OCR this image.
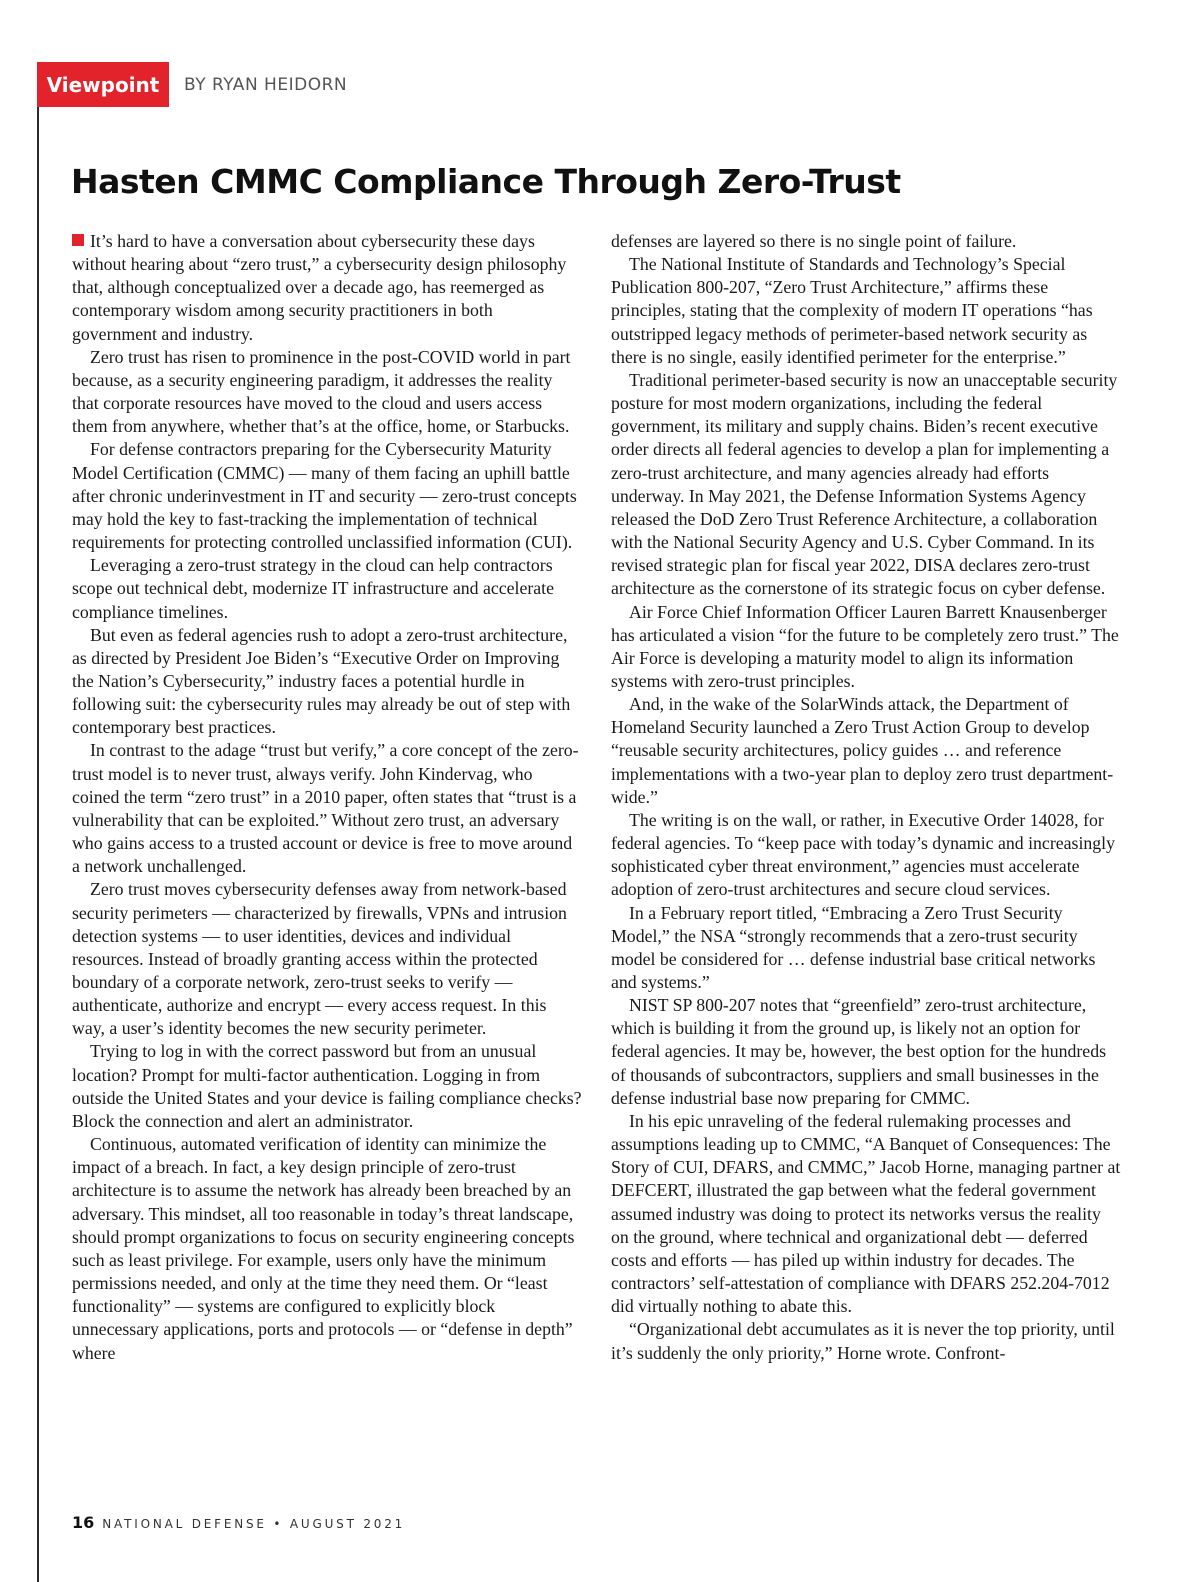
Viewpoint	BY RYAN HEIDORN
Hasten CMMC Compliance Through Zero-Trust

It’s hard to have a conversation about cybersecurity these days without hearing about “zero trust,” a cybersecurity design philosophy that, although conceptualized over a decade ago, has reemerged as contemporary wisdom among security practitioners in both government and industry.

Zero trust has risen to prominence in the post-COVID world in part because, as a security engineering paradigm, it addresses the reality that corporate resources have moved to the cloud and users access them from anywhere, whether that’s at the office, home, or Starbucks.

For defense contractors preparing for the Cybersecurity Maturity Model Certification (CMMC) — many of them facing an uphill battle after chronic underinvestment in IT and security — zero-trust concepts may hold the key to fast-tracking the implementation of technical requirements for protecting controlled unclassified information (CUI).

Leveraging a zero-trust strategy in the cloud can help contractors scope out technical debt, modernize IT infrastructure and accelerate compliance timelines.

But even as federal agencies rush to adopt a zero-trust architecture, as directed by President Joe Biden’s “Executive Order on Improving the Nation’s Cybersecurity,” industry faces a potential hurdle in following suit: the cybersecurity rules may already be out of step with contemporary best practices.

In contrast to the adage “trust but verify,” a core concept of the zero-trust model is to never trust, always verify. John Kindervag, who coined the term “zero trust” in a 2010 paper, often states that “trust is a vulnerability that can be exploited.” Without zero trust, an adversary who gains access to a trusted account or device is free to move around a network unchallenged.

Zero trust moves cybersecurity defenses away from network-based security perimeters — characterized by firewalls, VPNs and intrusion detection systems — to user identities, devices and individual resources. Instead of broadly granting access within the protected boundary of a corporate network, zero-trust seeks to verify — authenticate, authorize and encrypt — every access request. In this way, a user’s identity becomes the new security perimeter.

Trying to log in with the correct password but from an unusual location? Prompt for multi-factor authentication. Logging in from outside the United States and your device is failing compliance checks? Block the connection and alert an administrator.

Continuous, automated verification of identity can minimize the impact of a breach. In fact, a key design principle of zero-trust architecture is to assume the network has already been breached by an adversary. This mindset, all too reasonable in today’s threat landscape, should prompt organizations to focus on security engineering concepts such as least privilege. For example, users only have the minimum permissions needed, and only at the time they need them. Or “least functionality” — systems are configured to explicitly block unnecessary applications, ports and protocols — or “defense in depth” where

defenses are layered so there is no single point of failure.

The National Institute of Standards and Technology’s Special Publication 800-207, “Zero Trust Architecture,” affirms these principles, stating that the complexity of modern IT operations “has outstripped legacy methods of perimeter-based network security as there is no single, easily identified perimeter for the enterprise.”

Traditional perimeter-based security is now an unacceptable security posture for most modern organizations, including the federal government, its military and supply chains. Biden’s recent executive order directs all federal agencies to develop a plan for implementing a zero-trust architecture, and many agencies already had efforts underway. In May 2021, the Defense Information Systems Agency released the DoD Zero Trust Reference Architecture, a collaboration with the National Security Agency and U.S. Cyber Command. In its revised strategic plan for fiscal year 2022, DISA declares zero-trust architecture as the cornerstone of its strategic focus on cyber defense.

Air Force Chief Information Officer Lauren Barrett Knausenberger has articulated a vision “for the future to be completely zero trust.” The Air Force is developing a maturity model to align its information systems with zero-trust principles.

And, in the wake of the SolarWinds attack, the Department of Homeland Security launched a Zero Trust Action Group to develop “reusable security architectures, policy guides … and reference implementations with a two-year plan to deploy zero trust department-wide.”

The writing is on the wall, or rather, in Executive Order 14028, for federal agencies. To “keep pace with today’s dynamic and increasingly sophisticated cyber threat environment,” agencies must accelerate adoption of zero-trust architectures and secure cloud services.

In a February report titled, “Embracing a Zero Trust Security Model,” the NSA “strongly recommends that a zero-trust security model be considered for … defense industrial base critical networks and systems.”

NIST SP 800-207 notes that “greenfield” zero-trust architecture, which is building it from the ground up, is likely not an option for federal agencies. It may be, however, the best option for the hundreds of thousands of subcontractors, suppliers and small businesses in the defense industrial base now preparing for CMMC.

In his epic unraveling of the federal rulemaking processes and assumptions leading up to CMMC, “A Banquet of Consequences: The Story of CUI, DFARS, and CMMC,” Jacob Horne, managing partner at DEFCERT, illustrated the gap between what the federal government assumed industry was doing to protect its networks versus the reality on the ground, where technical and organizational debt — deferred costs and efforts — has piled up within industry for decades. The contractors’ self-attestation of compliance with DFARS 252.204-7012 did virtually nothing to abate this.

“Organizational debt accumulates as it is never the top priority, until it’s suddenly the only priority,” Horne wrote. Confront-

16 NATIONAL DEFENSE • AUGUST 2021
